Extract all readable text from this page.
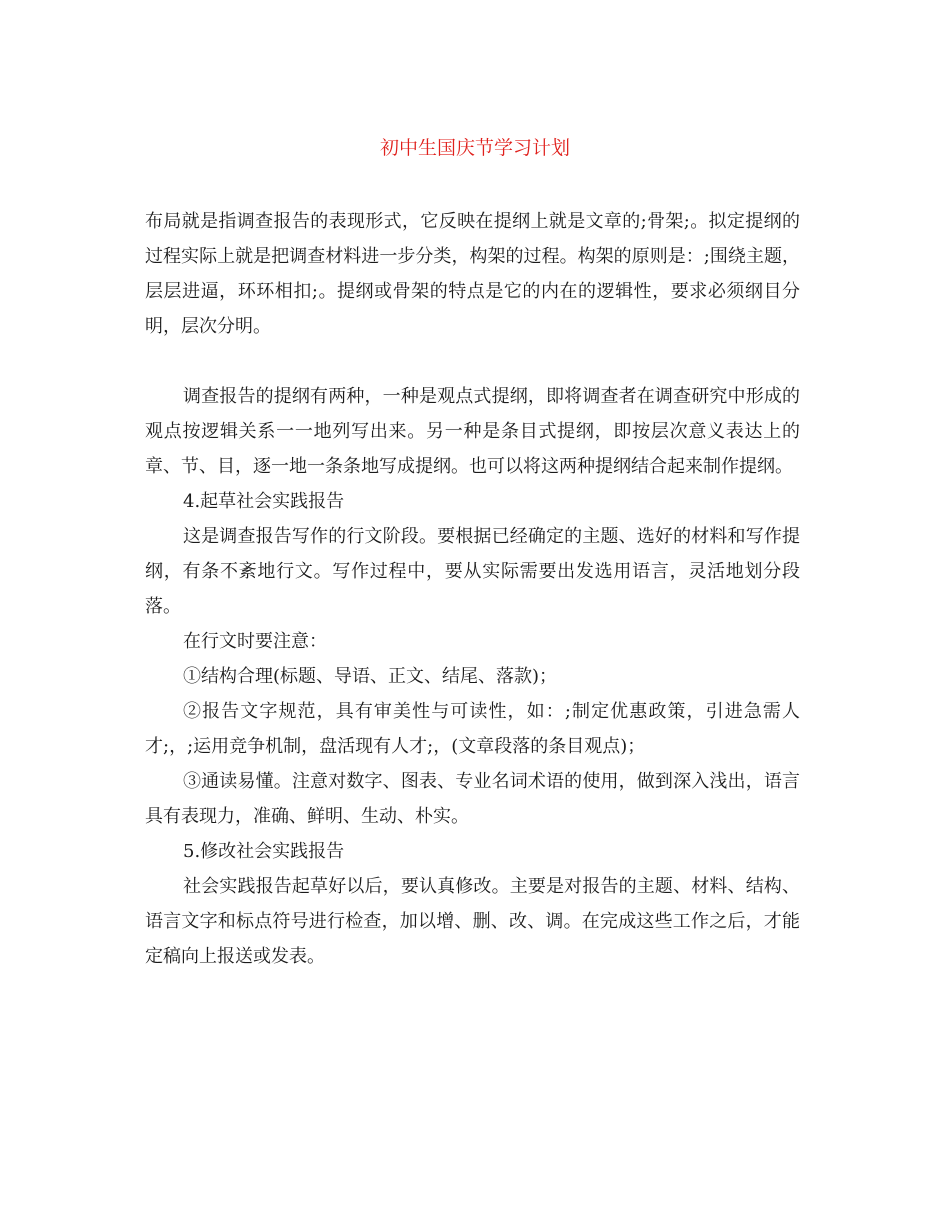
初中生国庆节学习计划

布局就是指调查报告的表现形式，它反映在提纲上就是文章的;骨架;。拟定提纲的过程实际上就是把调查材料进一步分类，构架的过程。构架的原则是：;围绕主题，层层进逼，环环相扣;。提纲或骨架的特点是它的内在的逻辑性，要求必须纲目分明，层次分明。

调查报告的提纲有两种，一种是观点式提纲，即将调查者在调查研究中形成的观点按逻辑关系一一地列写出来。另一种是条目式提纲，即按层次意义表达上的章、节、目，逐一地一条条地写成提纲。也可以将这两种提纲结合起来制作提纲。

4.起草社会实践报告

这是调查报告写作的行文阶段。要根据已经确定的主题、选好的材料和写作提纲，有条不紊地行文。写作过程中，要从实际需要出发选用语言，灵活地划分段落。

在行文时要注意：

①结构合理(标题、导语、正文、结尾、落款)；

②报告文字规范，具有审美性与可读性，如：;制定优惠政策，引进急需人才;，;运用竞争机制，盘活现有人才;，(文章段落的条目观点)；

③通读易懂。注意对数字、图表、专业名词术语的使用，做到深入浅出，语言具有表现力，准确、鲜明、生动、朴实。

5.修改社会实践报告

社会实践报告起草好以后，要认真修改。主要是对报告的主题、材料、结构、语言文字和标点符号进行检查，加以增、删、改、调。在完成这些工作之后，才能定稿向上报送或发表。
